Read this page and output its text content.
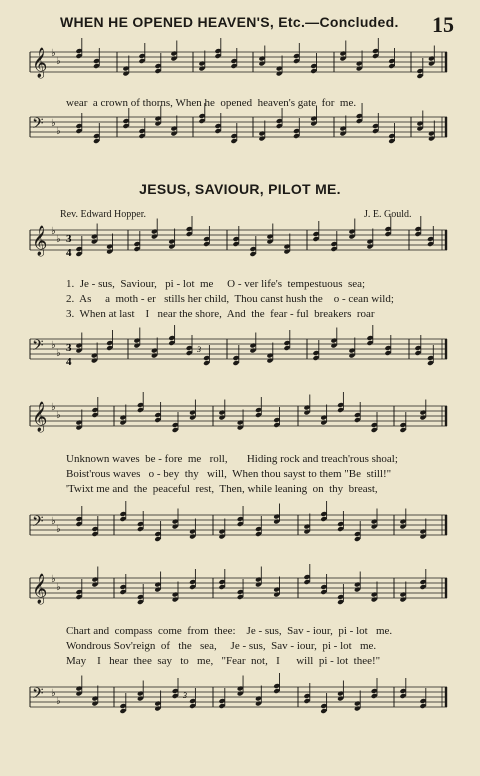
WHEN HE OPENED HEAVEN'S, Etc.—Concluded.	15
𝄞 ♭
♭
𝄢 ♭
♭
𝄞 ♭
♭
𝄢 ♭
♭
𝄞 ♭
♭
𝄢 ♭
♭
𝄞 ♭
♭
𝄢 ♭
♭
3
4
3
4
3
3
wear  a crown of thorns, When he  opened  heaven's gate  for  me.
JESUS, SAVIOUR, PILOT ME.
Rev. Edward Hopper.	J. E. Gould.
1.  Je - sus,  Saviour,   pi - lot  me     O - ver life's  tempestuous  sea;
2.  As     a  moth - er   stills her child,  Thou canst hush the    o - cean wild;
3.  When at last    I   near the shore,  And  the  fear - ful  breakers  roar
Unknown waves  be - fore  me   roll,       Hiding rock and treach'rous shoal;
Boist'rous waves   o - bey  thy   will,  When thou sayst to them "Be  still!"
'Twixt me and  the  peaceful  rest,  Then, while leaning  on  thy  breast,
Chart and  compass  come  from  thee:    Je - sus,  Sav - iour,  pi - lot   me.
Wondrous Sov'reign  of   the   sea,     Je - sus,  Sav - iour,  pi - lot   me.
May    I   hear  thee  say   to   me,   "Fear  not,   I      will  pi - lot  thee!"
